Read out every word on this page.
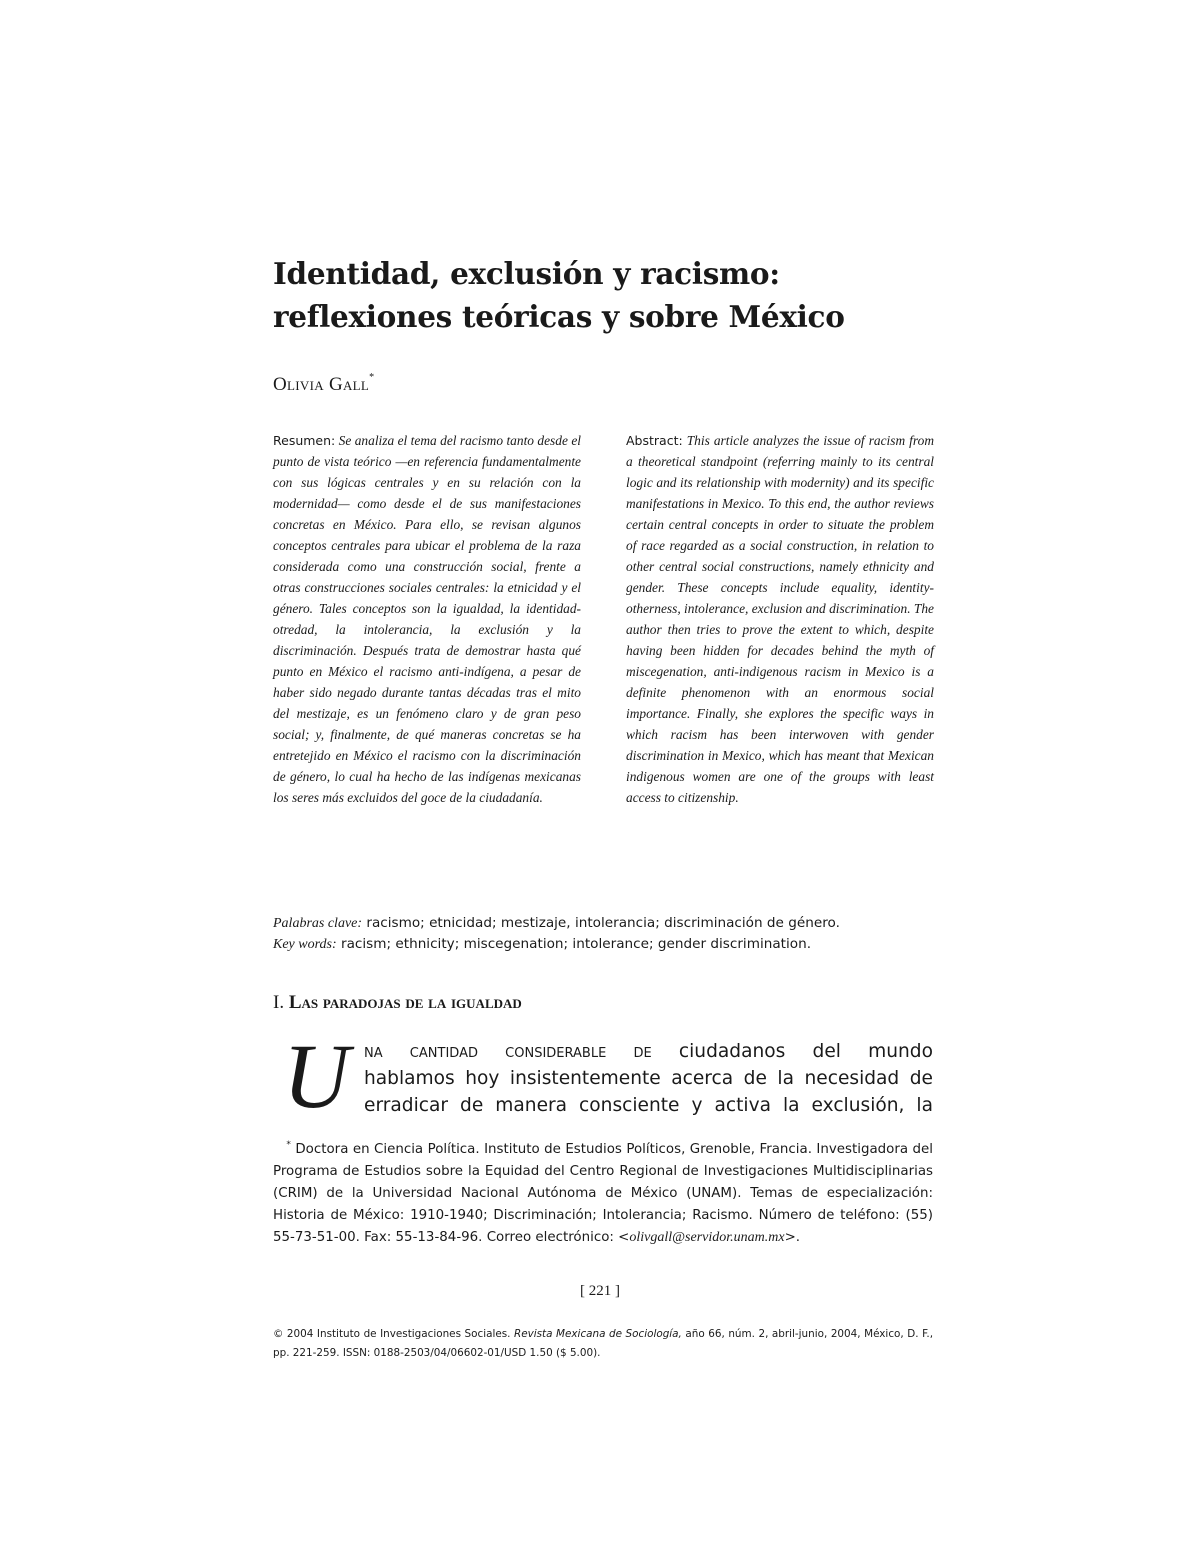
Identidad, exclusión y racismo: reflexiones teóricas y sobre México
Olivia Gall*
Resumen: Se analiza el tema del racismo tanto desde el punto de vista teórico —en referencia fundamentalmente con sus lógicas centrales y en su relación con la modernidad— como desde el de sus manifestaciones concretas en México. Para ello, se revisan algunos conceptos centrales para ubicar el problema de la raza considerada como una construcción social, frente a otras construcciones sociales centrales: la etnicidad y el género. Tales conceptos son la igualdad, la identidad-otredad, la intolerancia, la exclusión y la discriminación. Después trata de demostrar hasta qué punto en México el racismo anti-indígena, a pesar de haber sido negado durante tantas décadas tras el mito del mestizaje, es un fenómeno claro y de gran peso social; y, finalmente, de qué maneras concretas se ha entretejido en México el racismo con la discriminación de género, lo cual ha hecho de las indígenas mexicanas los seres más excluidos del goce de la ciudadanía.
Abstract: This article analyzes the issue of racism from a theoretical standpoint (referring mainly to its central logic and its relationship with modernity) and its specific manifestations in Mexico. To this end, the author reviews certain central concepts in order to situate the problem of race regarded as a social construction, in relation to other central social constructions, namely ethnicity and gender. These concepts include equality, identity-otherness, intolerance, exclusion and discrimination. The author then tries to prove the extent to which, despite having been hidden for decades behind the myth of miscegenation, anti-indigenous racism in Mexico is a definite phenomenon with an enormous social importance. Finally, she explores the specific ways in which racism has been interwoven with gender discrimination in Mexico, which has meant that Mexican indigenous women are one of the groups with least access to citizenship.
Palabras clave: racismo; etnicidad; mestizaje, intolerancia; discriminación de género.
Key words: racism; ethnicity; miscegenation; intolerance; gender discrimination.
I. Las paradojas de la igualdad
U na cantidad considerable de ciudadanos del mundo
hablamos hoy insistentemente acerca de la necesidad de
erradicar de manera consciente y activa la exclusión, la
* Doctora en Ciencia Política. Instituto de Estudios Políticos, Grenoble, Francia. Investigadora del Programa de Estudios sobre la Equidad del Centro Regional de Investigaciones Multidisciplinarias (CRIM) de la Universidad Nacional Autónoma de México (UNAM). Temas de especialización: Historia de México: 1910-1940; Discriminación; Intolerancia; Racismo. Número de teléfono: (55) 55-73-51-00. Fax: 55-13-84-96. Correo electrónico: <olivgall@servidor.unam.mx>.
[ 221 ]
© 2004 Instituto de Investigaciones Sociales. Revista Mexicana de Sociología, año 66, núm. 2, abril-junio, 2004, México, D. F., pp. 221-259. ISSN: 0188-2503/04/06602-01/USD 1.50 ($ 5.00).
